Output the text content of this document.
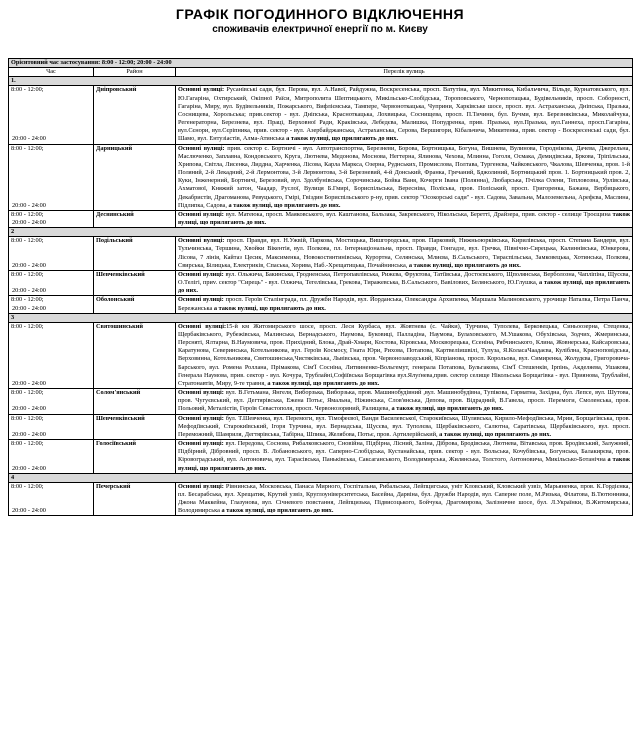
ГРАФІК ПОГОДИННОГО ВІДКЛЮЧЕННЯ
споживачів електричної енергії по м. Києву
Орієнтовний час застосування: 8:00 - 12:00; 20:00 - 24:00		
Час	Район	Перелік вулиць
1.		

8:00 - 12:00;
20:00 - 24:00	Дніпровський	Основні вулиці: Русанівські сади, бул. Перова, вул. А.Навої, Райдужна, Воскресенська, просп. Ватутіна, вул. Микитенка, Кибальчича, Вільде, Курнатовського, вул. Ю.Гагаріна, Охтирський, Окіпної Раїси, Митрополита Шептицького, Микільсько-Слобідська, Тороповського, Чернопотацька, Будівельників, просп. Соборності, Гагаріна, Миру, вул. Будівельників, Пожарського, Вифліємська, Тампере, Червоноткацька, Чуприни, Харківське шосе, просп. вул. Астраханська, Дніпська, Празька, Соснищева, Хорольська; прив.сектор - вул. Дніпська, Красноткацька, Лохвицька, Соснищева, просп. П.Тичини, бул. Бучми, вул. Березняківська, Миколайчука, Регенераторна, Березнева, вул. Праці, Верховної Ради, Краківська, Лебедєва, Малишка, Попудренка, прив. Празька, вул.Празька, вул.Ганнеха, просп.Гагаріна, вул.Сєнори, вул.Сєріпника, прив. сектор - вул. Азербайджанська, Астраханська, Серова, Вершигори, Кібальчича, Микитенка, прив. сектор - Воскресенські сади, бул. Шамо, вул. Ентузіастів, Алма-Атинська а також вулиці, що прилягають до них.

8:00 - 12:00;
20:00 - 24:00	Дарницький	Основні вулиці: прив. сектор с. Бортничі - вул. Автотранспортна, Березневи, Борова, Бортнищька, Богуна, Вишнева, Вулинова, Городнікова, Дачева, Джерельна, Маслюченко, Заплавна, Кондовського, Круга, Лютнева, Медонова, Моснова, Негтерна, Ялинова, Чехова, Млинна, Гоголя, Осмака, Демидівська, Бркова, Тріпільська, Хрипова, Світла, Лисенка, Лиддна, Харченка, Лісова, Карла Маркса, Озерна, Руднських, Промислова, Полтава, Тургенєва, Чайковського, Чкалова, Шевченка, пров. 1-й Поляний, 2-й Лекадний, 2-й Лермонтова, 3-й Лермонтова, 3-й Березневий, 4-й Донський, Франка, Гречаний, Бджолиний, Бортницький пров. 1. Бортницький пров. 2, Куки, Інженерний, Бортничі, Березовий, вул. Здолбунівська, Сорочинська, Бойка Ваня, Кочерги Івана (Полянна), Любарська, Пчілка Олени, Тепловозна, Урлівська, Ахматової, Княжий затон, Чаадар, Руслої, Вулиця Б.Гмирі, Бориспільська, Вересніва, Поліська, пров. Поліський, просп. Григоренка, Бажана, Вербицького, Декабристів, Драгоманова, Ревуцького, Гмірі, Гвіздин Бориспільського р-ну, прив. сектор "Осокорські сади" - вул. Садова, Завальна, Малоземельна, Арефєва, Маслина, Підлипка, Садова, а також вулиці, що прилягають до них.

8:00 - 12:00;
20:00 - 24:00	Деснянський	Основні вулиці: вул. Матеюка, просп. Маяковського, вул. Каштанова, Бальзака, Закревського, Нікольська, Береттi, Драйзера, прив. сектор - селище Троєщина також вулиці, що прилягають до них.
2		

8:00 - 12:00;
20:00 - 24:00	Подільський	Основні вулиці: просп. Правди, вул. Н.Ужвій, Паркова, Мостицька, Вишгородська, пров. Парковий, Нижньоюрківська, Кирилівська, просп. Степана Бандери, вул. Тульчинська, Тершина, Хвойки Вікентія, вул. Полкова, пл. Інтернаціональна, просп. Правди, Гонгадзе, вул. Гречка, Північно-Сирецька, Калиннівська, Юнкерова, Лісова, 7 лінія, Кайтаз Цесик, Максименка, Новокостянтинівська, Курортна, Селянська, Млиєва, В.Сальського, Тираспільська, Замковецька, Хотинська, Полкова, Свирська, Білицька, Електриків, Спаська, Хорива, Наб.-Хрещатицька, Почайнинська, а також вулиці, що прилягають до них.

8:00 - 12:00;
20:00 - 24:00	Шевченківський	Основні вулиці: вул. Ольжича, Бакинська, Гродненська, Петропавлівська, Рижєва, Фруктова, Татіївська, Достоєвського, Щполянська, Верболозна, Чапліпіна, Щусєва, О.Телігі, приv. сектор "Сирець" - вул. Олжича, Тегелівська, Грековa, Тиражевська, В.Сальського, Вавілових, Белянського, Ю.Глушка, а також вулиці, що прилягають до них.

8:00 - 12:00;
20:00 - 24:00	Оболонський	Основні вулиці: просп. Героїв Сталінграда, пл. Дружби Народів, вул. Йорданська, Олександра Архипенка, Маршала Малиновського, урочище Наталка, Петра Панча, Бережанська а також вулиці, що прилягають до них.
3		

8:00 - 12:00;
20:00 - 24:00	Святошинський	Основні вулиці:15-й км Житомирського шосе, просп. Леся Курбаса, вул. Жовтнева (с. Чайки), Турчина, Туполева, Берковецька, Синьоозерна, Стеценка, Щербаківського, Рубежівська, Малинська, Вернадського, Наумова, Буковиці, Палладіна, Наумова, Булаховського, М.Ушакова, Обухівська, Зодчих, Жмеринська, Персняті, Ялтарна, В.Наумовича, пров. Прихідний, Блока, Драй-Хмари, Костова, Кіровська, Москворецька, Єсеніна, Рябчинського, Клина, Жовнерська, Кайсаровська, Каратунова, Северинська, Котельникова, вул. Героїв Космосу, Гната Юри, Рихова, Потапова, Картвеліишвілі, Тулуза, Я.КоласаЧаадаєва, Куліблна, Красноповідська, Верховинна, Котельникова, Святошинська,Чистяківська, Львівська, пров. Червонозаводський, Кіпріанова, просп. Корольова, вул. Симиренка, Жолудєва, Григоровича-Барського, вул. Ромена Роллана, Прімакова, Сім'Ї Сосніна, Литвиненко-Вольгемут, генерала Потапова, Бульгакова, Сім'Ї Стешенків, Ірпінь, Акделяева, Ушакова, Генерала Наумова, прив. сектор - вул. Кочура, Трублайні,Софіївська Борщагівка вул.Ялуґнева,прив. сектор селище Нікольська Борщагівка - вул. Приянова, Трублайні, Стратонавтів, Миру, 9-те травня, а також вулиці, що прилягають до них.

8:00 - 12:00;
20:00 - 24:00	Солом'янський	Основні вулиці: вул. В.Гетьмана, Янгеля, Виборзька, Виборзька, пров. Машинобудівний ,вул. Машинобудівна, Тупікова, Гарматна, Західна, бул. Лепсе, вул. Шутова, пров. Чугуєвський, вул. Дегтярівська, Ежена Потьє, Ямальна, Ніжинська, Слов'янська, Депова, пров. Відрадний, В.Гавела, просп. Перемоги, Смоленська, пров. Польовий, Металістів, Героїв Севастополя, просп. Червонозоряний, Ралищева, а також вулиці, що прилягають до них.

8:00 - 12:00;
20:00 - 24:00	Шевченківський	Основні вулиці: бул. Т.Шевченка, вул. Перемоги, вул. Тімофеєвої, Ванди Василевської, Старокиївська, Шулявська, Кирило-Мефодіївська, Мрии, Борщагівська, пров. Мефодіївський, Старокиївський, Ігоря Турчина, вул. Вернадська, Щусєва, вул. Туполєва, Щербаківського, Салютна, Саратівська, Щербаківського, вул. просп. Переможний, Шамриля, Дегтярівська, Табірна, Шпика, Желябова, Потьє, пров. Артилерійський, а також вулиці, що прилягають до них.

8:00 - 12:00;
20:00 - 24:00	Голосіївський	Основні вулиці: вул. Передова, Соснова, Рибалковського, Сновійна, Підбірна, Лісний, Заліна, Діброва, Бродівська, Лютнева, Вітавська, пров. Бродівський, Залужний, Підбірний, Дібровний, просп. В. Лобановського, вул. Саперно-Слобідська, Кустанайська, прив. сектор - вул. Вольська, Кочубівська, Богунська, Балакирєва, пров. Кіровоградський, вул. Антоновича, вул. Тарасівська, Паньківська, Саксаганського, Володимирська, Жилянська, Толстого, Антоновича, Микільсько-Ботанічна а також вулиці, що прилягають до них.
4		

8:00 - 12:00;
20:00 - 24:00	Печерський	Основні вулиці: Рівнинська, Московська, Панаса Мирного, Госпітальна, Рибальська, Лейпцигська, уніт Кловський, Кловський узвіз, Марьяненка, пров. К.Гордієнка, пл. Бесарабська, вул. Хрещатик, Крутий узвіз, Круглоуніверситетська, Басейна, Дарвіна, бул. Дружби Народів, вул. Саперне поле, М.Ризька, Філатова, В.Тютюнника, Джона Маккейна, Глазунова, вул. Січневого повстання, Лейпцизька, Підвисоцького, Бойчука, Драгомирова, Залізничне шосе, бул. Л.Українки, В.Житомирська, Володимирська а також вулиці, що прилягають до них.
